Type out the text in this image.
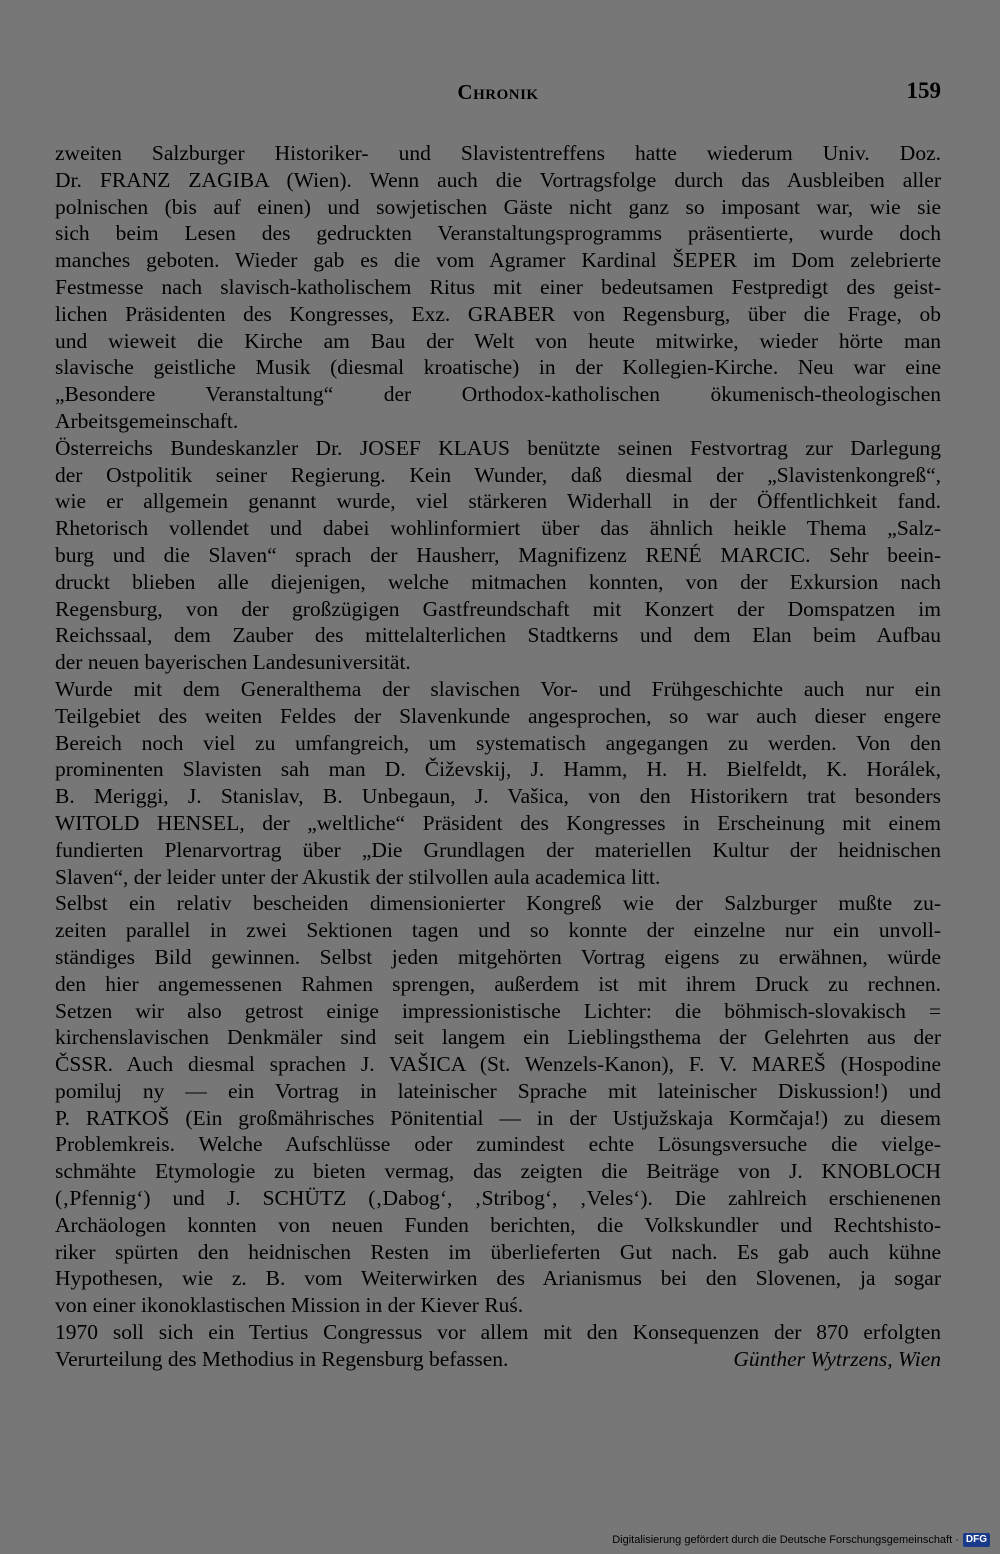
Chronik	159
zweiten Salzburger Historiker- und Slavistentreffens hatte wiederum Univ. Doz.
Dr. FRANZ ZAGIBA (Wien). Wenn auch die Vortragsfolge durch das Ausbleiben aller
polnischen (bis auf einen) und sowjetischen Gäste nicht ganz so imposant war, wie sie
sich beim Lesen des gedruckten Veranstaltungsprogramms präsentierte, wurde doch
manches geboten. Wieder gab es die vom Agramer Kardinal ŠEPER im Dom zelebrierte
Festmesse nach slavisch-katholischem Ritus mit einer bedeutsamen Festpredigt des geist-
lichen Präsidenten des Kongresses, Exz. GRABER von Regensburg, über die Frage, ob
und wieweit die Kirche am Bau der Welt von heute mitwirke, wieder hörte man
slavische geistliche Musik (diesmal kroatische) in der Kollegien-Kirche. Neu war eine
„Besondere Veranstaltung“ der Orthodox-katholischen ökumenisch-theologischen
Arbeitsgemeinschaft.
Österreichs Bundeskanzler Dr. JOSEF KLAUS benützte seinen Festvortrag zur Darlegung
der Ostpolitik seiner Regierung. Kein Wunder, daß diesmal der „Slavistenkongreß“,
wie er allgemein genannt wurde, viel stärkeren Widerhall in der Öffentlichkeit fand.
Rhetorisch vollendet und dabei wohlinformiert über das ähnlich heikle Thema „Salz-
burg und die Slaven“ sprach der Hausherr, Magnifizenz RENÉ MARCIC. Sehr beein-
druckt blieben alle diejenigen, welche mitmachen konnten, von der Exkursion nach
Regensburg, von der großzügigen Gastfreundschaft mit Konzert der Domspatzen im
Reichssaal, dem Zauber des mittelalterlichen Stadtkerns und dem Elan beim Aufbau
der neuen bayerischen Landesuniversität.
Wurde mit dem Generalthema der slavischen Vor- und Frühgeschichte auch nur ein
Teilgebiet des weiten Feldes der Slavenkunde angesprochen, so war auch dieser engere
Bereich noch viel zu umfangreich, um systematisch angegangen zu werden. Von den
prominenten Slavisten sah man D. Čiževskij, J. Hamm, H. H. Bielfeldt, K. Horálek,
B. Meriggi, J. Stanislav, B. Unbegaun, J. Vašica, von den Historikern trat besonders
WITOLD HENSEL, der „weltliche“ Präsident des Kongresses in Erscheinung mit einem
fundierten Plenarvortrag über „Die Grundlagen der materiellen Kultur der heidnischen
Slaven“, der leider unter der Akustik der stilvollen aula academica litt.
Selbst ein relativ bescheiden dimensionierter Kongreß wie der Salzburger mußte zu-
zeiten parallel in zwei Sektionen tagen und so konnte der einzelne nur ein unvoll-
ständiges Bild gewinnen. Selbst jeden mitgehörten Vortrag eigens zu erwähnen, würde
den hier angemessenen Rahmen sprengen, außerdem ist mit ihrem Druck zu rechnen.
Setzen wir also getrost einige impressionistische Lichter: die böhmisch-slovakisch =
kirchenslavischen Denkmäler sind seit langem ein Lieblingsthema der Gelehrten aus der
ČSSR. Auch diesmal sprachen J. VAŠICA (St. Wenzels-Kanon), F. V. MAREŠ (Hospodine
pomiluj ny — ein Vortrag in lateinischer Sprache mit lateinischer Diskussion!) und
P. RATKOŠ (Ein großmährisches Pönitential — in der Ustjužskaja Kormčaja!) zu diesem
Problemkreis. Welche Aufschlüsse oder zumindest echte Lösungsversuche die vielge-
schmähte Etymologie zu bieten vermag, das zeigten die Beiträge von J. KNOBLOCH
(‚Pfennig‘) und J. SCHÜTZ (‚Dabog‘, ‚Stribog‘, ‚Veles‘). Die zahlreich erschienenen
Archäologen konnten von neuen Funden berichten, die Volkskundler und Rechtshisto-
riker spürten den heidnischen Resten im überlieferten Gut nach. Es gab auch kühne
Hypothesen, wie z. B. vom Weiterwirken des Arianismus bei den Slovenen, ja sogar
von einer ikonoklastischen Mission in der Kiever Ruś.
1970 soll sich ein Tertius Congressus vor allem mit den Konsequenzen der 870 erfolgten
Verurteilung des Methodius in Regensburg befassen.	Günther Wytrzens, Wien
Digitalisierung gefördert durch die Deutsche Forschungsgemeinschaft · DFG
